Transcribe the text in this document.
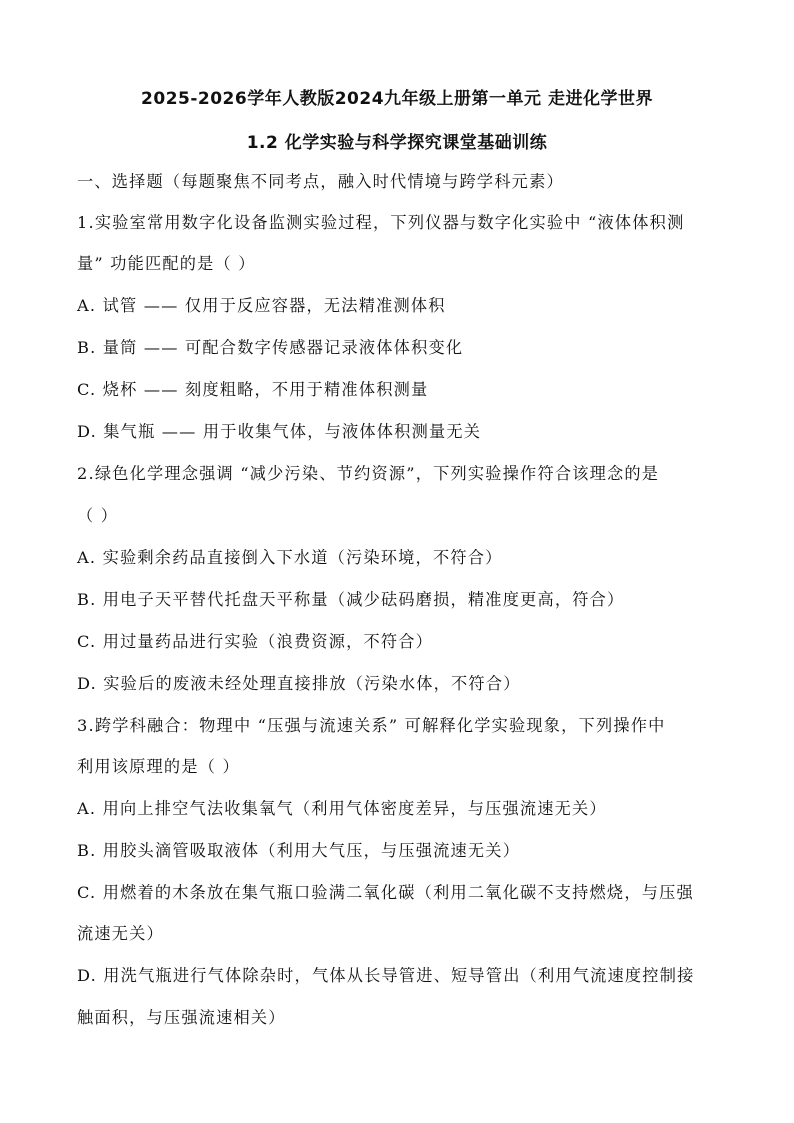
2025-2026学年人教版2024九年级上册第一单元 走进化学世界
1.2 化学实验与科学探究课堂基础训练
一、选择题（每题聚焦不同考点，融入时代情境与跨学科元素）
1.实验室常用数字化设备监测实验过程，下列仪器与数字化实验中 “液体体积测
量” 功能匹配的是（ ）
A. 试管 —— 仅用于反应容器，无法精准测体积
B. 量筒 —— 可配合数字传感器记录液体体积变化
C. 烧杯 —— 刻度粗略，不用于精准体积测量
D. 集气瓶 —— 用于收集气体，与液体体积测量无关
2.绿色化学理念强调 “减少污染、节约资源”，下列实验操作符合该理念的是
（ ）
A. 实验剩余药品直接倒入下水道（污染环境，不符合）
B. 用电子天平替代托盘天平称量（减少砝码磨损，精准度更高，符合）
C. 用过量药品进行实验（浪费资源，不符合）
D. 实验后的废液未经处理直接排放（污染水体，不符合）
3.跨学科融合：物理中 “压强与流速关系” 可解释化学实验现象，下列操作中
利用该原理的是（ ）
A. 用向上排空气法收集氧气（利用气体密度差异，与压强流速无关）
B. 用胶头滴管吸取液体（利用大气压，与压强流速无关）
C. 用燃着的木条放在集气瓶口验满二氧化碳（利用二氧化碳不支持燃烧，与压强
流速无关）
D. 用洗气瓶进行气体除杂时，气体从长导管进、短导管出（利用气流速度控制接
触面积，与压强流速相关）
